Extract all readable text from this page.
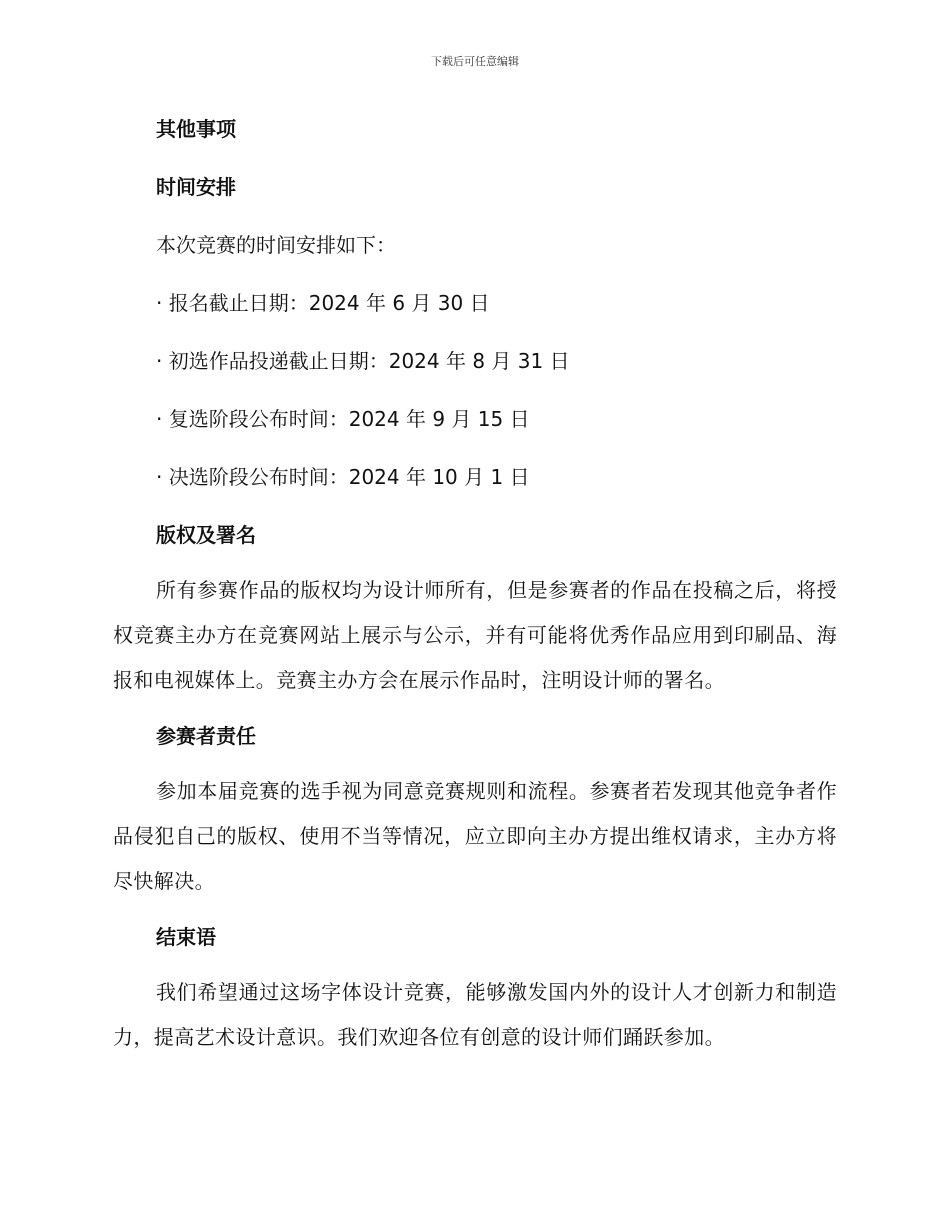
下载后可任意编辑
其他事项
时间安排

本次竞赛的时间安排如下：

· 报名截止日期：2024 年 6 月 30 日

· 初选作品投递截止日期：2024 年 8 月 31 日

· 复选阶段公布时间：2024 年 9 月 15 日

· 决选阶段公布时间：2024 年 10 月 1 日

版权及署名

所有参赛作品的版权均为设计师所有，但是参赛者的作品在投稿之后，将授权竞赛主办方在竞赛网站上展示与公示，并有可能将优秀作品应用到印刷品、海报和电视媒体上。竞赛主办方会在展示作品时，注明设计师的署名。

参赛者责任

参加本届竞赛的选手视为同意竞赛规则和流程。参赛者若发现其他竞争者作品侵犯自己的版权、使用不当等情况，应立即向主办方提出维权请求，主办方将尽快解决。

结束语

我们希望通过这场字体设计竞赛，能够激发国内外的设计人才创新力和制造力，提高艺术设计意识。我们欢迎各位有创意的设计师们踊跃参加。
